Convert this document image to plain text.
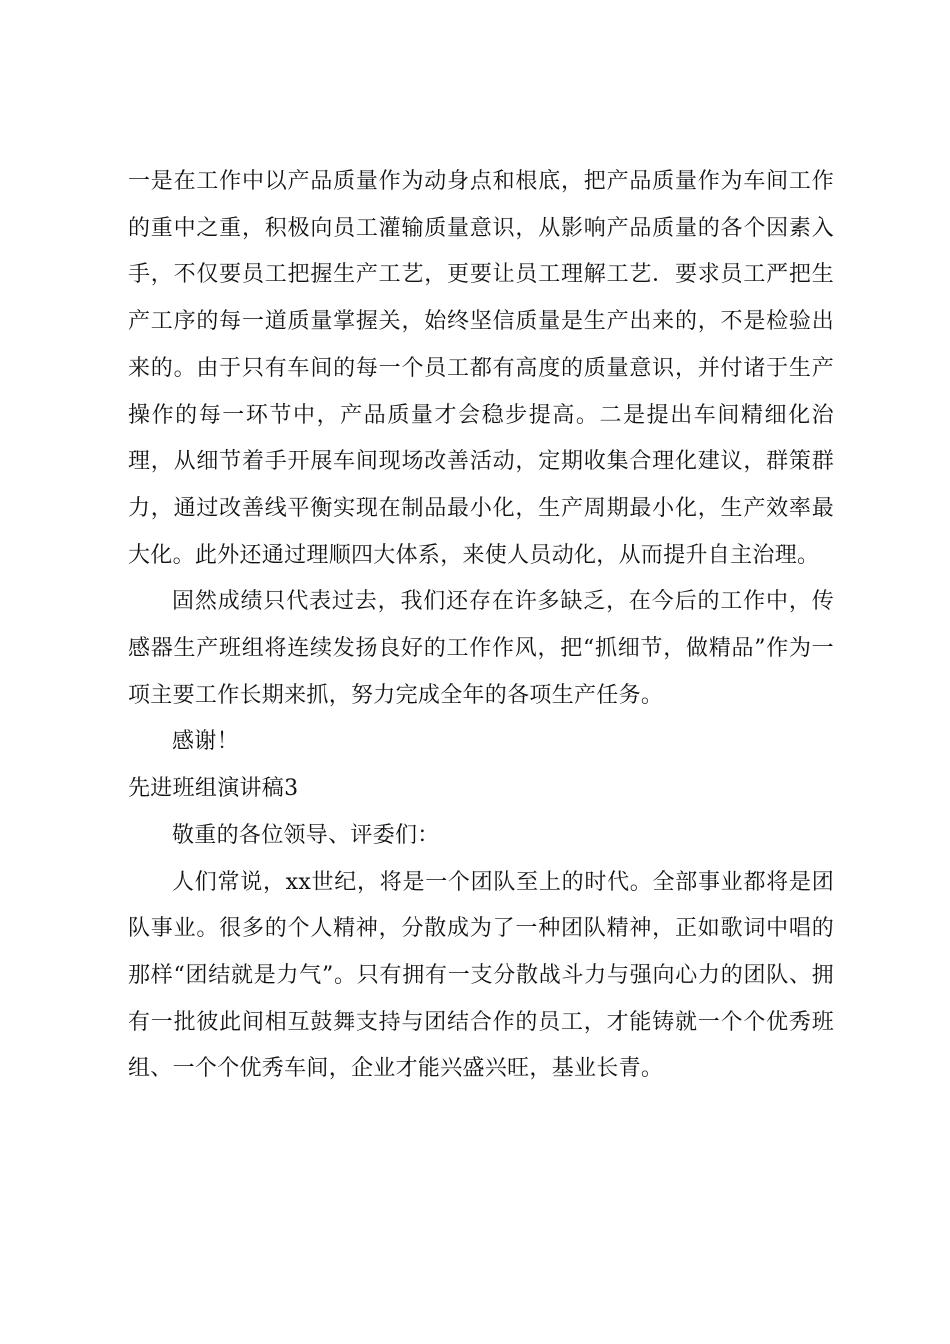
一是在工作中以产品质量作为动身点和根底，把产品质量作为车间工作的重中之重，积极向员工灌输质量意识，从影响产品质量的各个因素入手，不仅要员工把握生产工艺，更要让员工理解工艺．要求员工严把生产工序的每一道质量掌握关，始终坚信质量是生产出来的，不是检验出来的。由于只有车间的每一个员工都有高度的质量意识，并付诸于生产操作的每一环节中，产品质量才会稳步提高。二是提出车间精细化治理，从细节着手开展车间现场改善活动，定期收集合理化建议，群策群力，通过改善线平衡实现在制品最小化，生产周期最小化，生产效率最大化。此外还通过理顺四大体系，来使人员动化，从而提升自主治理。

固然成绩只代表过去，我们还存在许多缺乏，在今后的工作中，传感器生产班组将连续发扬良好的工作作风，把“抓细节，做精品”作为一项主要工作长期来抓，努力完成全年的各项生产任务。

感谢！

先进班组演讲稿3

敬重的各位领导、评委们：

人们常说，xx世纪，将是一个团队至上的时代。全部事业都将是团队事业。很多的个人精神，分散成为了一种团队精神，正如歌词中唱的那样“团结就是力气”。只有拥有一支分散战斗力与强向心力的团队、拥有一批彼此间相互鼓舞支持与团结合作的员工，才能铸就一个个优秀班组、一个个优秀车间，企业才能兴盛兴旺，基业长青。
